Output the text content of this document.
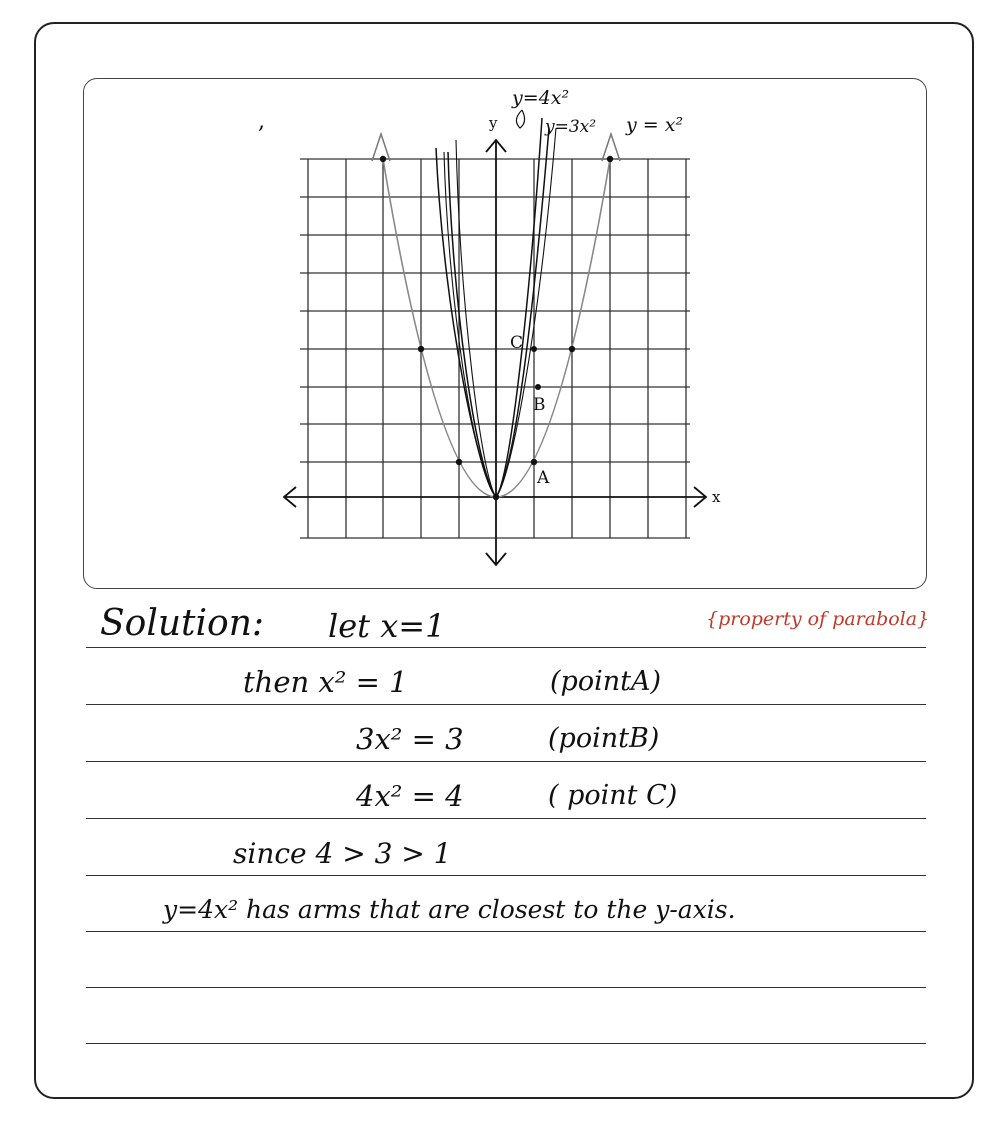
x
y
C
B
A
y=4x²
y=3x² y = x²
,
Solution: let x=1	{property of parabola}
then x² = 1	(pointA)
3x² = 3	(pointB)
4x² = 4	( point C)
since 4 > 3 > 1
y=4x² has arms that are closest to the y-axis.
